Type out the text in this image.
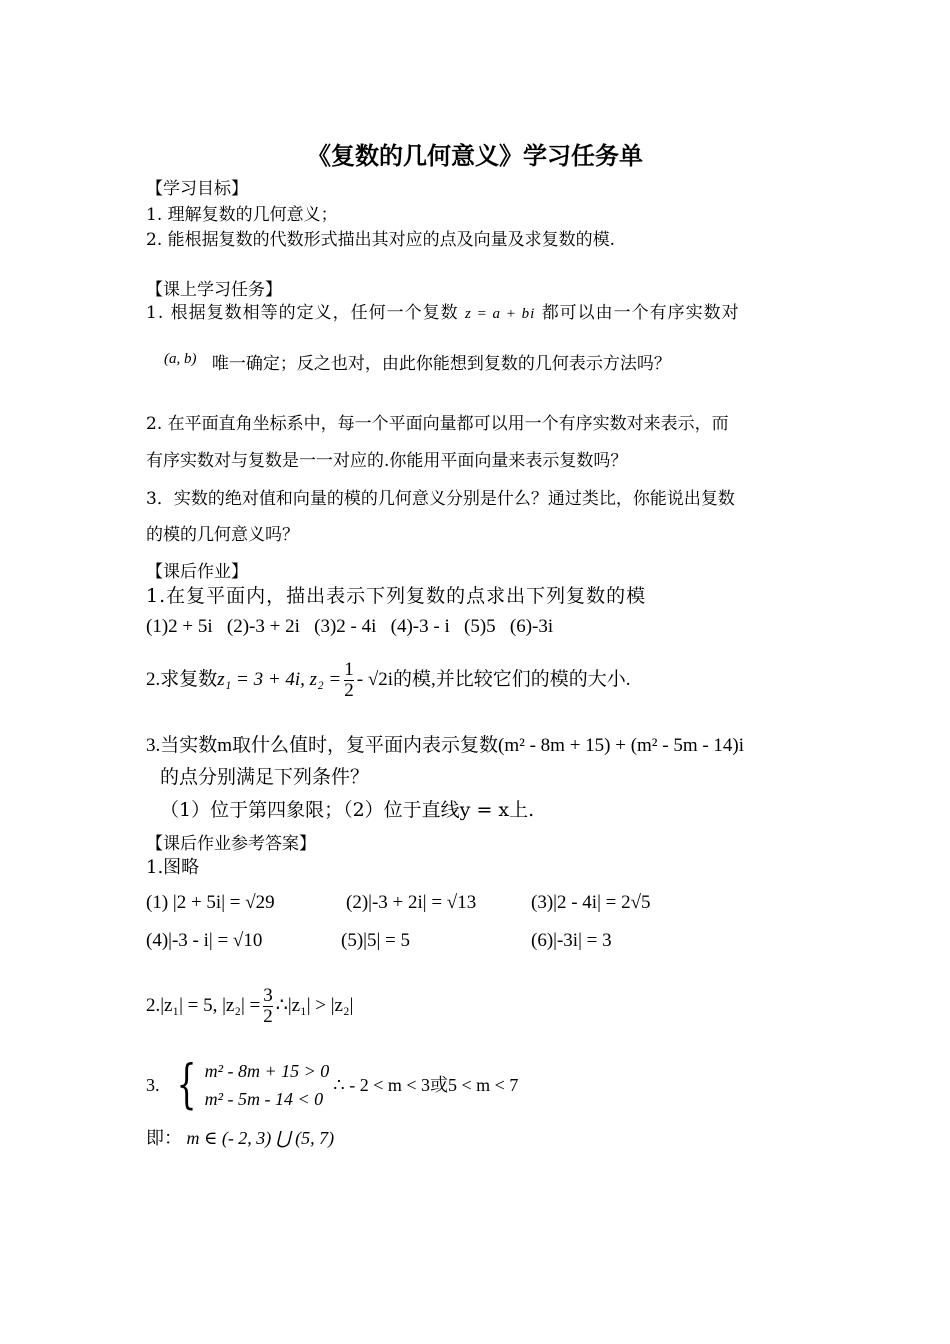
《复数的几何意义》学习任务单
【学习目标】
1. 理解复数的几何意义；
2. 能根据复数的代数形式描出其对应的点及向量及求复数的模.
【课上学习任务】
1. 根据复数相等的定义，任何一个复数 z = a + bi 都可以由一个有序实数对
(a, b) 唯一确定；反之也对，由此你能想到复数的几何表示方法吗？
2. 在平面直角坐标系中，每一个平面向量都可以用一个有序实数对来表示，而
有序实数对与复数是一一对应的.你能用平面向量来表示复数吗？
3．实数的绝对值和向量的模的几何意义分别是什么？通过类比，你能说出复数
的模的几何意义吗？
【课后作业】
1.在复平面内，描出表示下列复数的点求出下列复数的模
(1)2 + 5i (2)-3 + 2i (3)2 - 4i (4)-3 - i (5)5 (6)-3i
2.求复数 z₁ = 3 + 4i, $z_2 = \frac{1}{2} - √2i$的模,并比较它们的模的大小.
3.当实数m取什么值时，复平面内表示复数(m² - 8m + 15) + (m² - 5m - 14)i
的点分别满足下列条件？
（1）位于第四象限；（2）位于直线y = x上.
【课后作业参考答案】
1.图略
(1) |2 + 5i| = √29	(2)|-3 + 2i| = √13	(3)|2 - 4i| = 2√5
(4)|-3 - i| = √10	(5)|5| = 5	(6)|-3i| = 3
2.|z₁| = 5, $|z_2| = \frac{3}{2}$ ∴|z₁| > |z₂|
3. { m² - 8m + 15 > 0
m² - 5m - 14 < 0
∴ - 2 < m < 3或5 < m < 7
即： m ∈ (- 2, 3) ⋃ (5, 7)
